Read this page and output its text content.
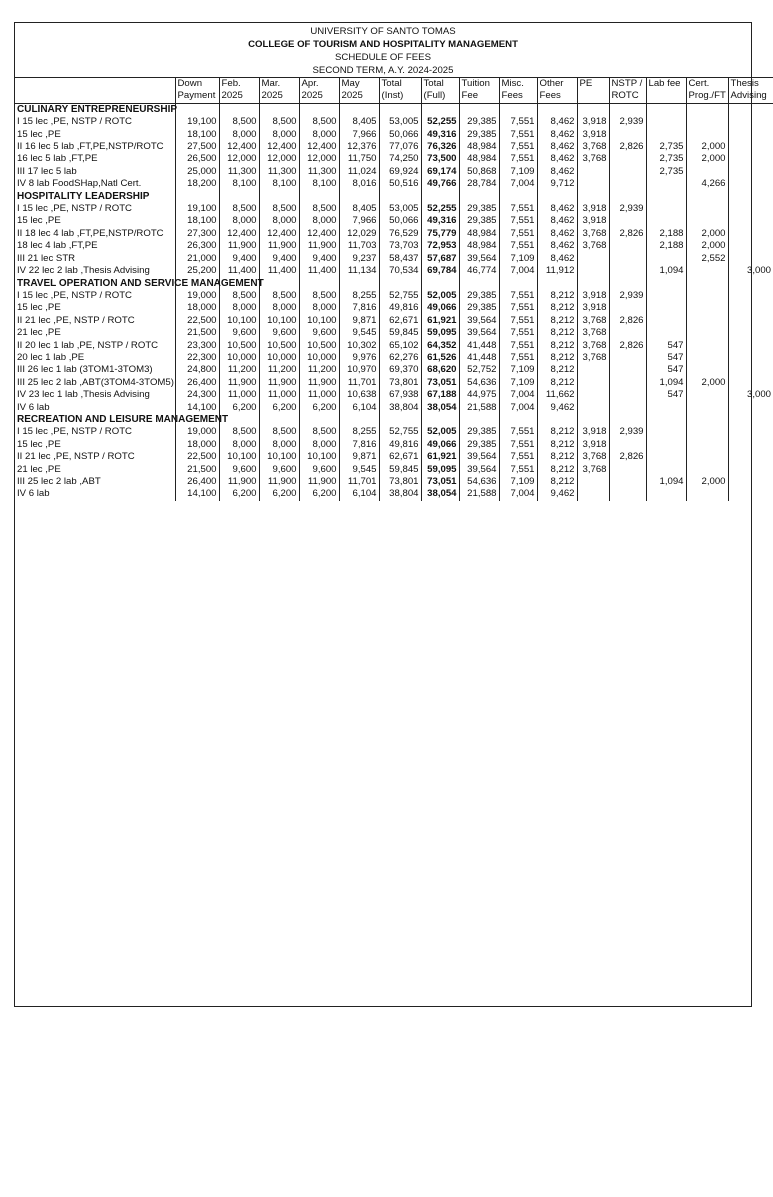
UNIVERSITY OF SANTO TOMAS
COLLEGE OF TOURISM AND HOSPITALITY MANAGEMENT
SCHEDULE OF FEES
SECOND TERM, A.Y. 2024-2025
	Down	Feb.	Mar.	Apr.	May	Total	Total	Tuition	Misc.	Other	PE	NSTP /	Lab fee	Cert.	Thesis
	Payment	2025	2025	2025	2025	(Inst)	(Full)	Fee	Fees	Fees		ROTC		Prog./FT	Advising
CULINARY ENTREPRENEURSHIP															
I 15 lec ,PE, NSTP / ROTC	19,100	8,500	8,500	8,500	8,405	53,005	52,255	29,385	7,551	8,462	3,918	2,939			
15 lec ,PE	18,100	8,000	8,000	8,000	7,966	50,066	49,316	29,385	7,551	8,462	3,918				
II 16 lec 5 lab ,FT,PE,NSTP/ROTC	27,500	12,400	12,400	12,400	12,376	77,076	76,326	48,984	7,551	8,462	3,768	2,826	2,735	2,000	
16 lec 5 lab ,FT,PE	26,500	12,000	12,000	12,000	11,750	74,250	73,500	48,984	7,551	8,462	3,768		2,735	2,000	
III 17 lec 5 lab	25,000	11,300	11,300	11,300	11,024	69,924	69,174	50,868	7,109	8,462			2,735		
IV 8 lab FoodSHap,Natl Cert.	18,200	8,100	8,100	8,100	8,016	50,516	49,766	28,784	7,004	9,712				4,266	
HOSPITALITY LEADERSHIP															
I 15 lec ,PE, NSTP / ROTC	19,100	8,500	8,500	8,500	8,405	53,005	52,255	29,385	7,551	8,462	3,918	2,939			
15 lec ,PE	18,100	8,000	8,000	8,000	7,966	50,066	49,316	29,385	7,551	8,462	3,918				
II 18 lec 4 lab ,FT,PE,NSTP/ROTC	27,300	12,400	12,400	12,400	12,029	76,529	75,779	48,984	7,551	8,462	3,768	2,826	2,188	2,000	
18 lec 4 lab ,FT,PE	26,300	11,900	11,900	11,900	11,703	73,703	72,953	48,984	7,551	8,462	3,768		2,188	2,000	
III 21 lec STR	21,000	9,400	9,400	9,400	9,237	58,437	57,687	39,564	7,109	8,462				2,552	
IV 22 lec 2 lab ,Thesis Advising	25,200	11,400	11,400	11,400	11,134	70,534	69,784	46,774	7,004	11,912			1,094		3,000
TRAVEL OPERATION AND SERVICE MANAGEMENT															
I 15 lec ,PE, NSTP / ROTC	19,000	8,500	8,500	8,500	8,255	52,755	52,005	29,385	7,551	8,212	3,918	2,939			
15 lec ,PE	18,000	8,000	8,000	8,000	7,816	49,816	49,066	29,385	7,551	8,212	3,918				
II 21 lec ,PE, NSTP / ROTC	22,500	10,100	10,100	10,100	9,871	62,671	61,921	39,564	7,551	8,212	3,768	2,826			
21 lec ,PE	21,500	9,600	9,600	9,600	9,545	59,845	59,095	39,564	7,551	8,212	3,768				
II 20 lec 1 lab ,PE, NSTP / ROTC	23,300	10,500	10,500	10,500	10,302	65,102	64,352	41,448	7,551	8,212	3,768	2,826	547		
20 lec 1 lab ,PE	22,300	10,000	10,000	10,000	9,976	62,276	61,526	41,448	7,551	8,212	3,768		547		
III 26 lec 1 lab (3TOM1-3TOM3)	24,800	11,200	11,200	11,200	10,970	69,370	68,620	52,752	7,109	8,212			547		
III 25 lec 2 lab ,ABT(3TOM4-3TOM5)	26,400	11,900	11,900	11,900	11,701	73,801	73,051	54,636	7,109	8,212			1,094	2,000	
IV 23 lec 1 lab ,Thesis Advising	24,300	11,000	11,000	11,000	10,638	67,938	67,188	44,975	7,004	11,662			547		3,000
IV 6 lab	14,100	6,200	6,200	6,200	6,104	38,804	38,054	21,588	7,004	9,462					
RECREATION AND LEISURE MANAGEMENT															
I 15 lec ,PE, NSTP / ROTC	19,000	8,500	8,500	8,500	8,255	52,755	52,005	29,385	7,551	8,212	3,918	2,939			
15 lec ,PE	18,000	8,000	8,000	8,000	7,816	49,816	49,066	29,385	7,551	8,212	3,918				
II 21 lec ,PE, NSTP / ROTC	22,500	10,100	10,100	10,100	9,871	62,671	61,921	39,564	7,551	8,212	3,768	2,826			
21 lec ,PE	21,500	9,600	9,600	9,600	9,545	59,845	59,095	39,564	7,551	8,212	3,768				
III 25 lec 2 lab ,ABT	26,400	11,900	11,900	11,900	11,701	73,801	73,051	54,636	7,109	8,212			1,094	2,000	
IV 6 lab	14,100	6,200	6,200	6,200	6,104	38,804	38,054	21,588	7,004	9,462					
